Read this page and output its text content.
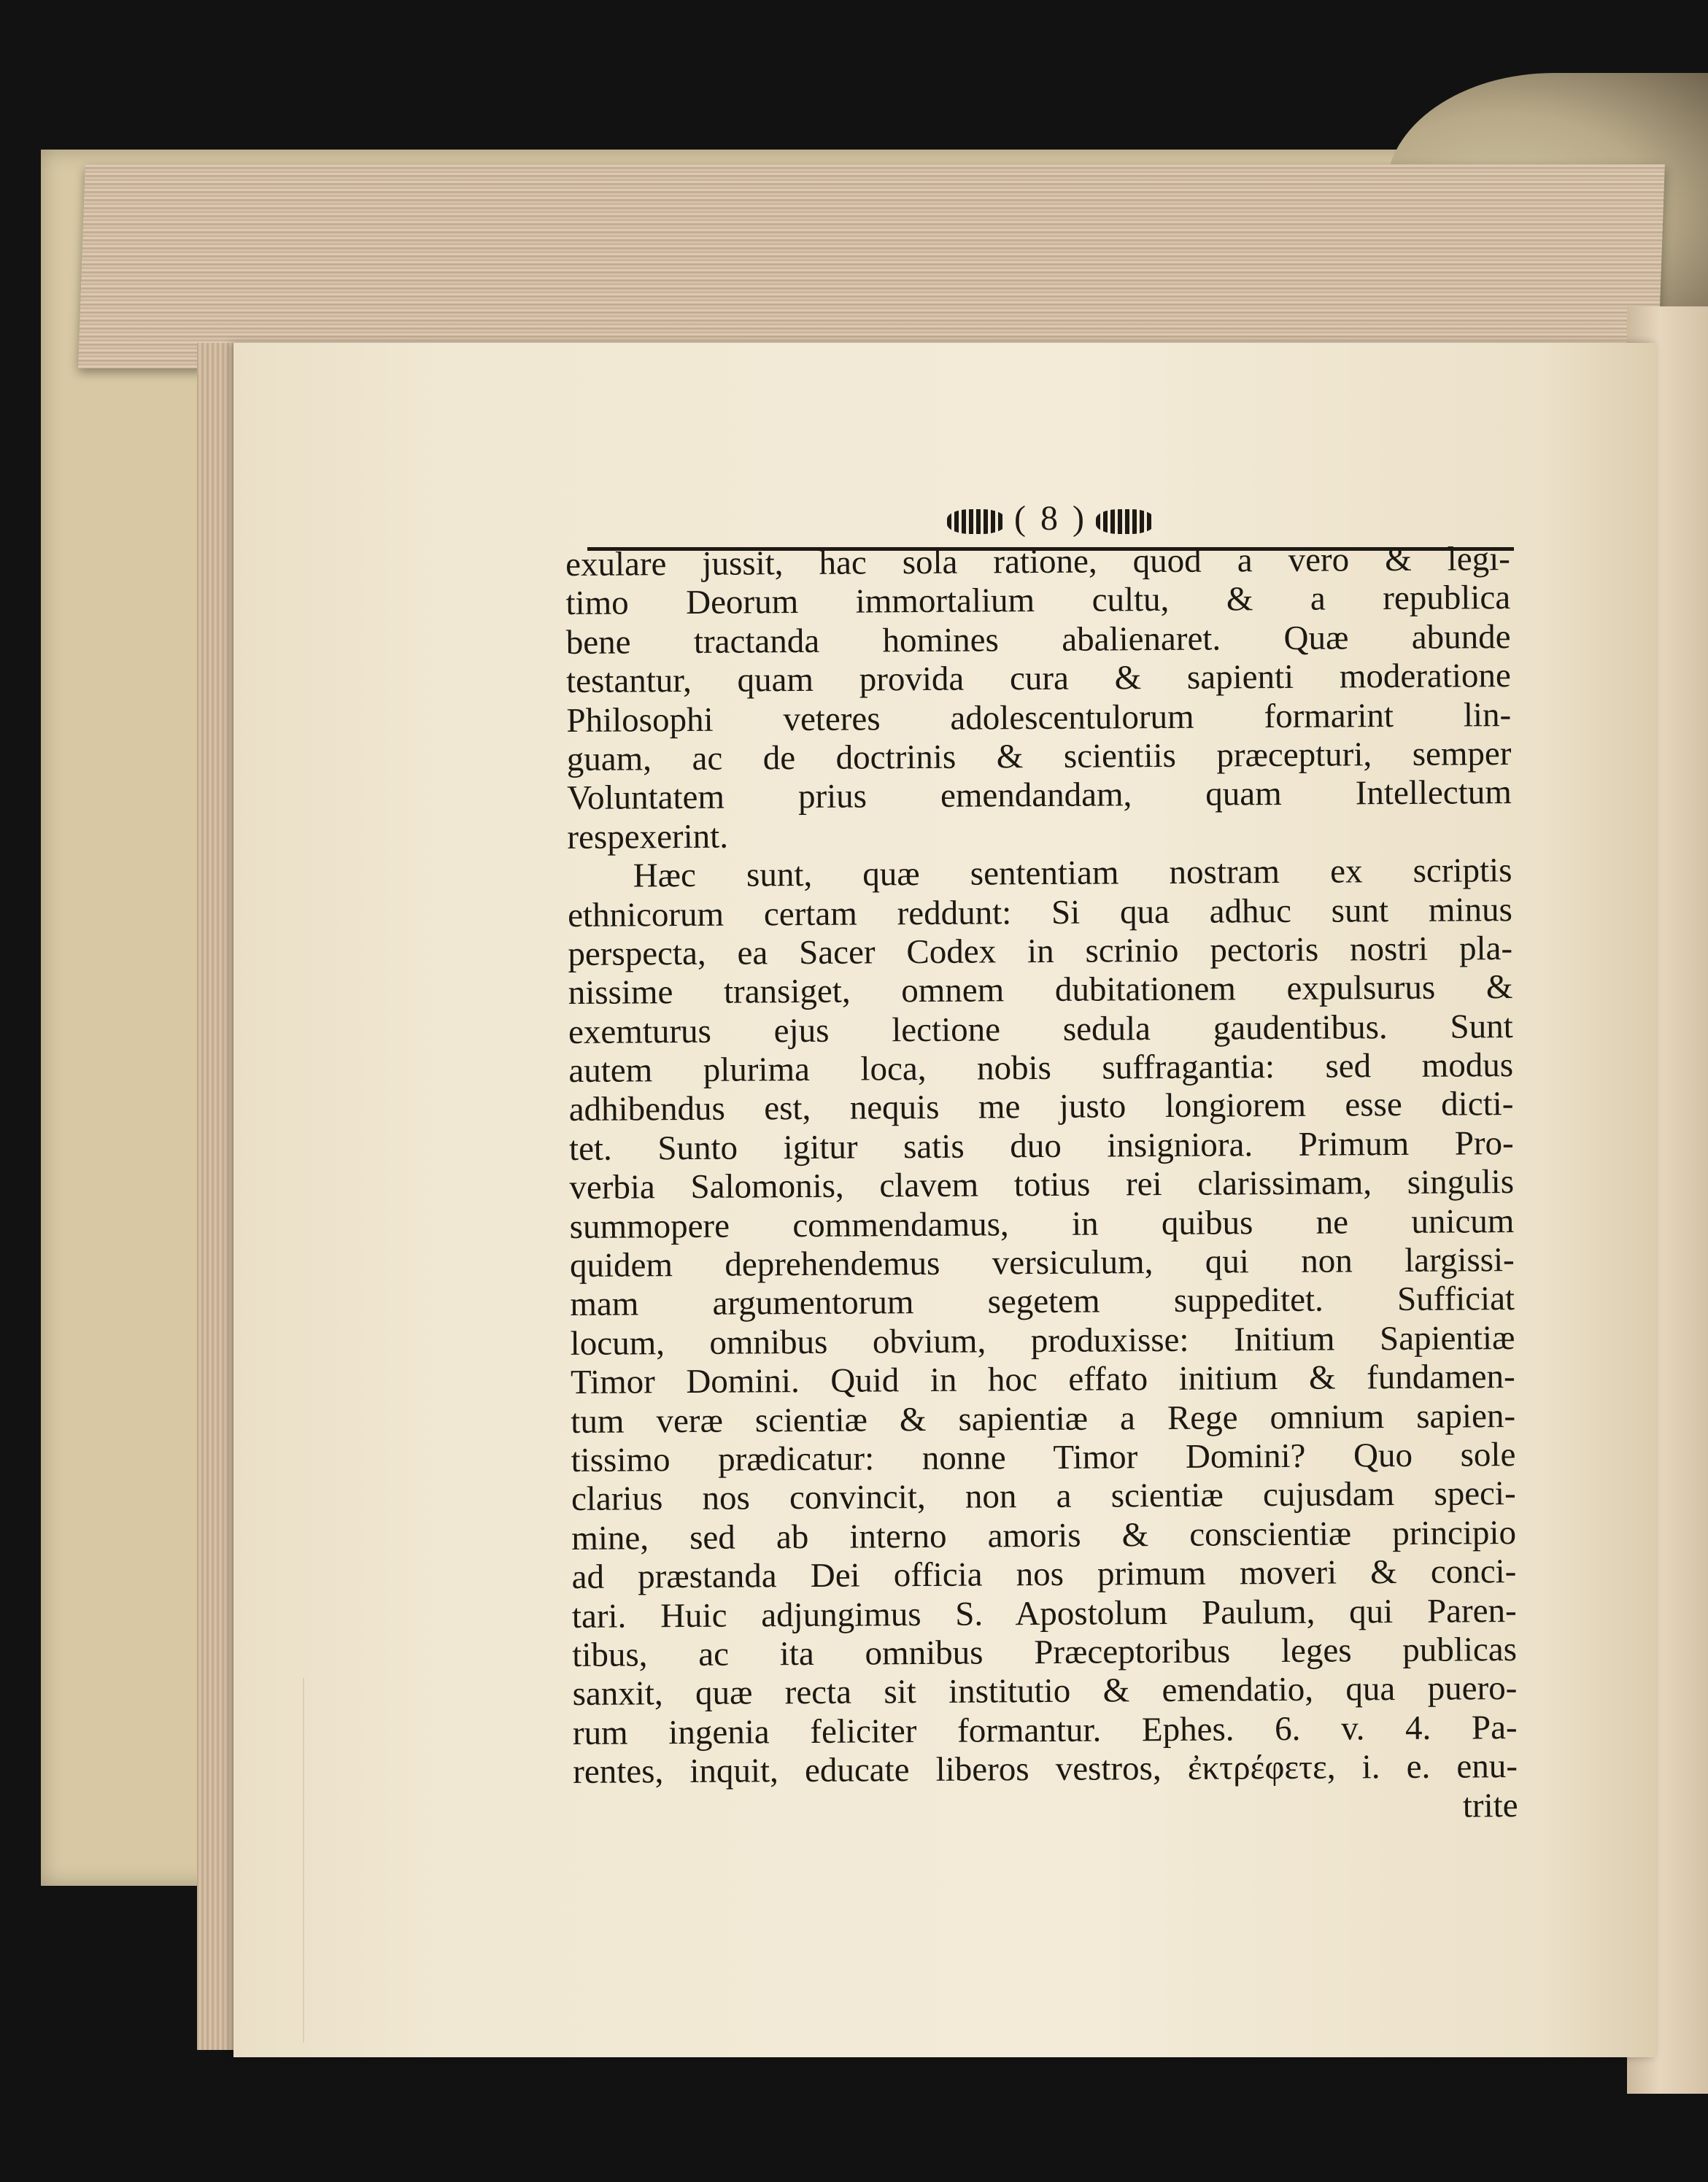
( 8 )
exulare jussit, hac sola ratione, quod a vero & legi-
timo Deorum immortalium cultu, & a republica
bene tractanda homines abalienaret. Quæ abunde
testantur, quam provida cura & sapienti moderatione
Philosophi veteres adolescentulorum formarint lin-
guam, ac de doctrinis & scientiis præcepturi, semper
Voluntatem prius emendandam, quam Intellectum
respexerint.
Hæc sunt, quæ sententiam nostram ex scriptis
ethnicorum certam reddunt: Si qua adhuc sunt minus
perspecta, ea Sacer Codex in scrinio pectoris nostri pla-
nissime transiget, omnem dubitationem expulsurus &
exemturus ejus lectione sedula gaudentibus. Sunt
autem plurima loca, nobis suffragantia: sed modus
adhibendus est, nequis me justo longiorem esse dicti-
tet. Sunto igitur satis duo insigniora. Primum Pro-
verbia Salomonis, clavem totius rei clarissimam, singulis
summopere commendamus, in quibus ne unicum
quidem deprehendemus versiculum, qui non largissi-
mam argumentorum segetem suppeditet. Sufficiat
locum, omnibus obvium, produxisse: Initium Sapientiæ
Timor Domini. Quid in hoc effato initium & fundamen-
tum veræ scientiæ & sapientiæ a Rege omnium sapien-
tissimo prædicatur: nonne Timor Domini? Quo sole
clarius nos convincit, non a scientiæ cujusdam speci-
mine, sed ab interno amoris & conscientiæ principio
ad præstanda Dei officia nos primum moveri & conci-
tari. Huic adjungimus S. Apostolum Paulum, qui Paren-
tibus, ac ita omnibus Præceptoribus leges publicas
sanxit, quæ recta sit institutio & emendatio, qua puero-
rum ingenia feliciter formantur. Ephes. 6. v. 4. Pa-
rentes, inquit, educate liberos vestros, ἐκτρέφετε, i. e. enu-
trite
